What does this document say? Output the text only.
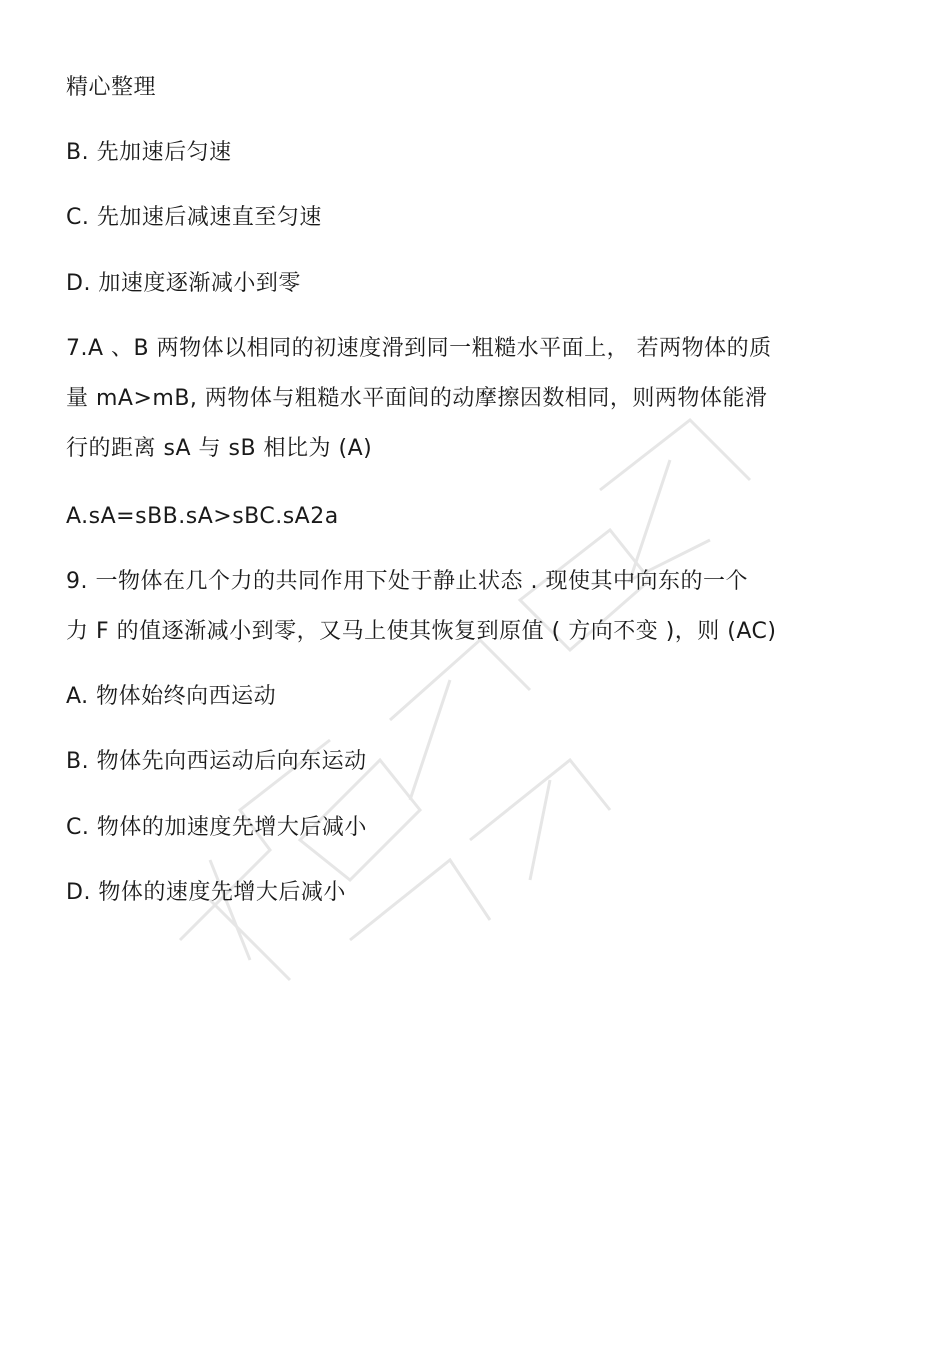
精心整理
B. 先加速后匀速
C. 先加速后减速直至匀速
D. 加速度逐渐减小到零
7.A 、B 两物体以相同的初速度滑到同一粗糙水平面上， 若两物体的质
量 mA>mB, 两物体与粗糙水平面间的动摩擦因数相同，则两物体能滑
行的距离 sA 与 sB 相比为 (A)
A.sA=sBB.sA>sBC.sA2a
9. 一物体在几个力的共同作用下处于静止状态 . 现使其中向东的一个
力 F 的值逐渐减小到零，又马上使其恢复到原值 ( 方向不变 )，则 (AC)
A. 物体始终向西运动
B. 物体先向西运动后向东运动
C. 物体的加速度先增大后减小
D. 物体的速度先增大后减小
